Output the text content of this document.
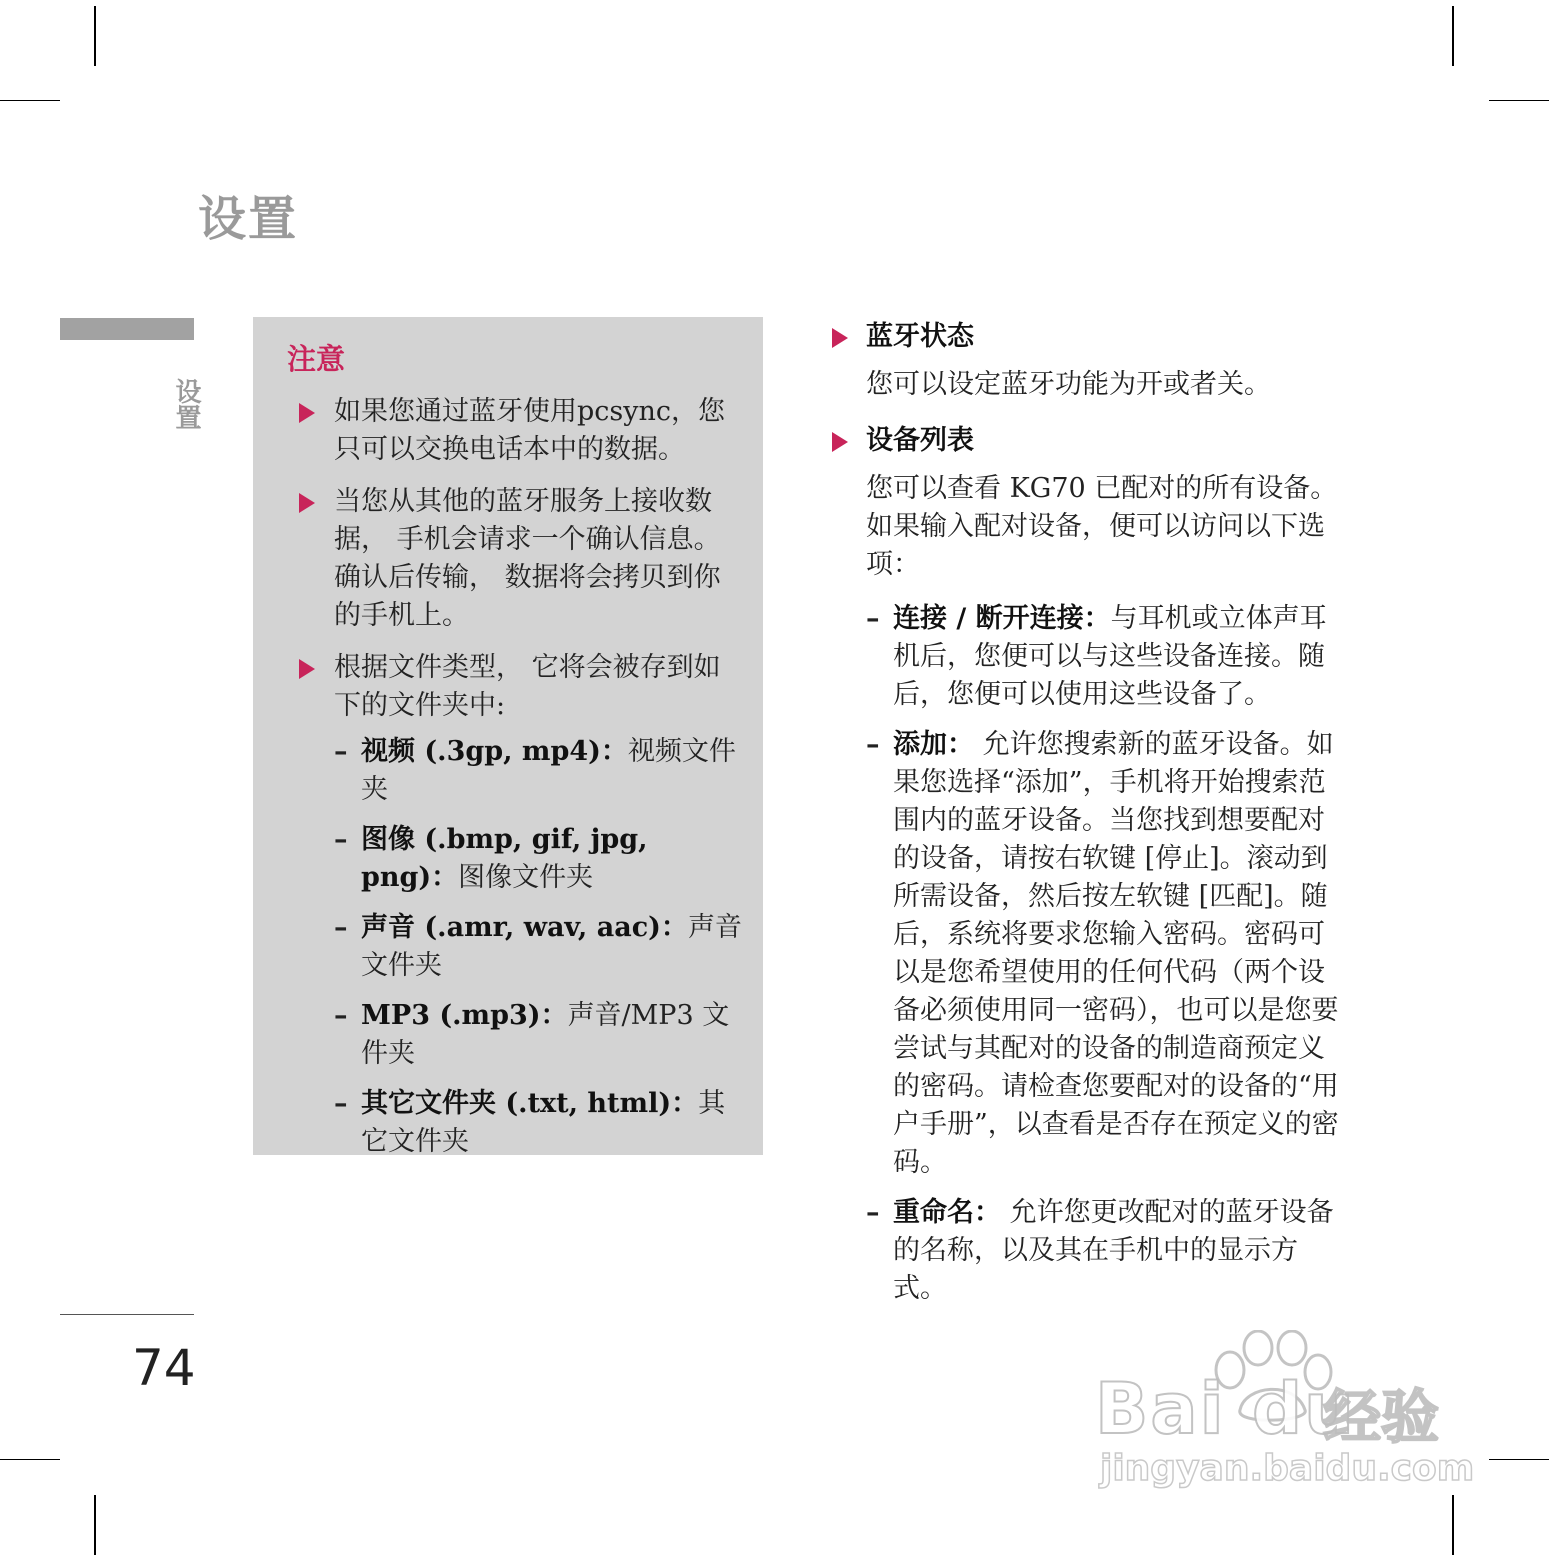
设置
设置
74
注意
如果您通过蓝牙使用pcsync，您只可以交换电话本中的数据。
当您从其他的蓝牙服务上接收数据， 手机会请求一个确认信息。确认后传输， 数据将会拷贝到你的手机上。
根据文件类型， 它将会被存到如下的文件夹中:
– 视频 (.3gp, mp4)：视频文件夹
– 图像 (.bmp, gif, jpg, png)：图像文件夹
– 声音 (.amr, wav, aac)：声音文件夹
– MP3 (.mp3)：声音/MP3 文件夹
– 其它文件夹 (.txt, html)：其它文件夹
蓝牙状态
您可以设定蓝牙功能为开或者关。
设备列表
您可以查看 KG70 已配对的所有设备。如果输入配对设备，便可以访问以下选项：
– 连接 / 断开连接：与耳机或立体声耳机后，您便可以与这些设备连接。随后，您便可以使用这些设备了。
– 添加： 允许您搜索新的蓝牙设备。如果您选择“添加”，手机将开始搜索范围内的蓝牙设备。当您找到想要配对的设备，请按右软键 [停止]。滚动到所需设备，然后按左软键 [匹配]。随后，系统将要求您输入密码。密码可以是您希望使用的任何代码（两个设备必须使用同一密码），也可以是您要尝试与其配对的设备的制造商预定义的密码。请检查您要配对的设备的“用户手册”，以查看是否存在预定义的密码。
– 重命名： 允许您更改配对的蓝牙设备的名称，以及其在手机中的显示方式。
Bai du
经验
jingyan.baidu.com
